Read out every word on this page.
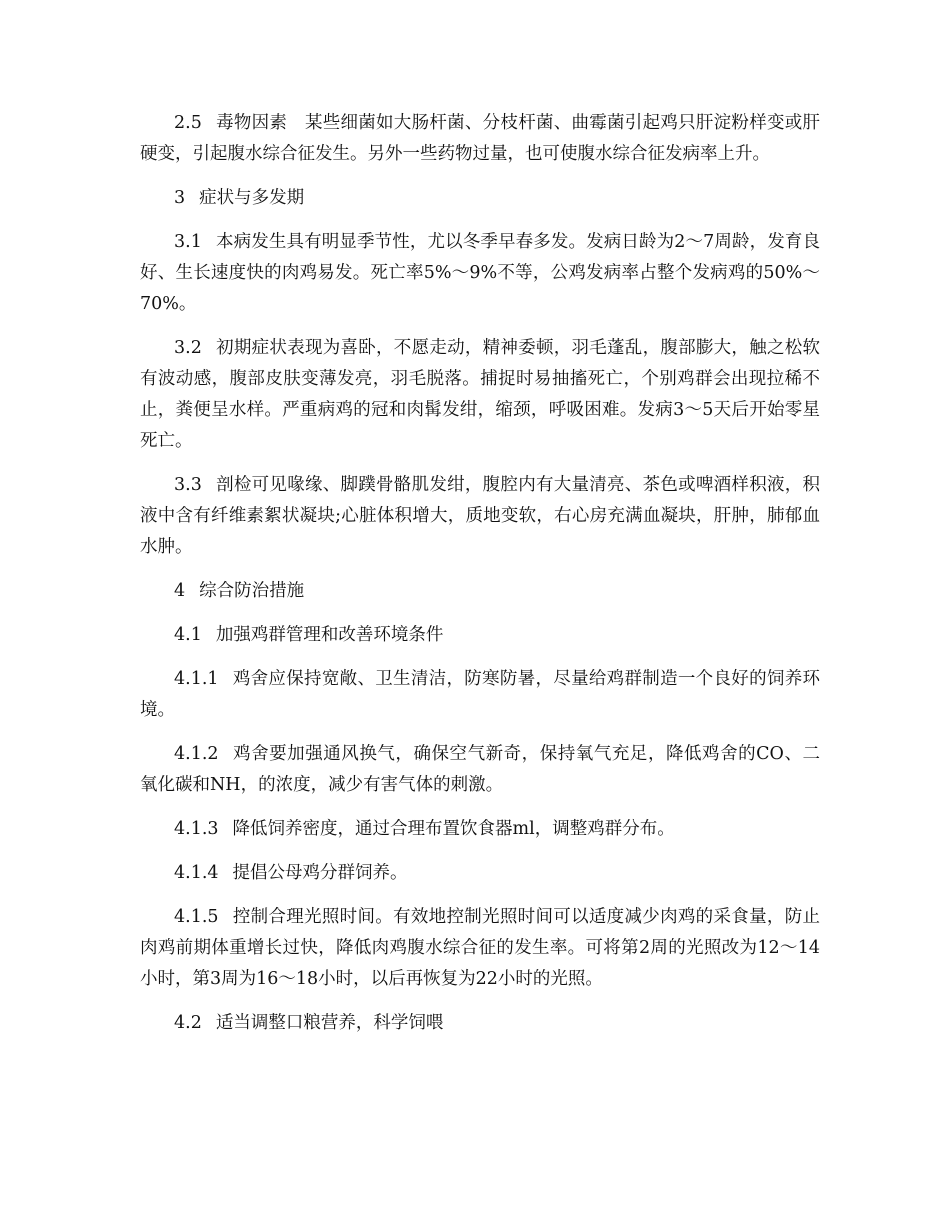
2.5 毒物因素　某些细菌如大肠杆菌、分枝杆菌、曲霉菌引起鸡只肝淀粉样变或肝硬变，引起腹水综合征发生。另外一些药物过量，也可使腹水综合征发病率上升。

3 症状与多发期

3.1 本病发生具有明显季节性，尤以冬季早春多发。发病日龄为2～7周龄，发育良好、生长速度快的肉鸡易发。死亡率5%～9%不等，公鸡发病率占整个发病鸡的50%～70%。

3.2 初期症状表现为喜卧，不愿走动，精神委顿，羽毛蓬乱，腹部膨大，触之松软有波动感，腹部皮肤变薄发亮，羽毛脱落。捕捉时易抽搐死亡，个别鸡群会出现拉稀不止，粪便呈水样。严重病鸡的冠和肉髯发绀，缩颈，呼吸困难。发病3～5天后开始零星死亡。

3.3 剖检可见喙缘、脚蹼骨骼肌发绀，腹腔内有大量清亮、茶色或啤酒样积液，积液中含有纤维素絮状凝块;心脏体积增大，质地变软，右心房充满血凝块，肝肿，肺郁血水肿。

4 综合防治措施

4.1 加强鸡群管理和改善环境条件

4.1.1 鸡舍应保持宽敞、卫生清洁，防寒防暑，尽量给鸡群制造一个良好的饲养环境。

4.1.2 鸡舍要加强通风换气，确保空气新奇，保持氧气充足，降低鸡舍的CO、二氧化碳和NH，的浓度，减少有害气体的刺激。

4.1.3 降低饲养密度，通过合理布置饮食器ml，调整鸡群分布。

4.1.4 提倡公母鸡分群饲养。

4.1.5 控制合理光照时间。有效地控制光照时间可以适度减少肉鸡的采食量，防止肉鸡前期体重增长过快，降低肉鸡腹水综合征的发生率。可将第2周的光照改为12～14小时，第3周为16～18小时，以后再恢复为22小时的光照。

4.2 适当调整口粮营养，科学饲喂
